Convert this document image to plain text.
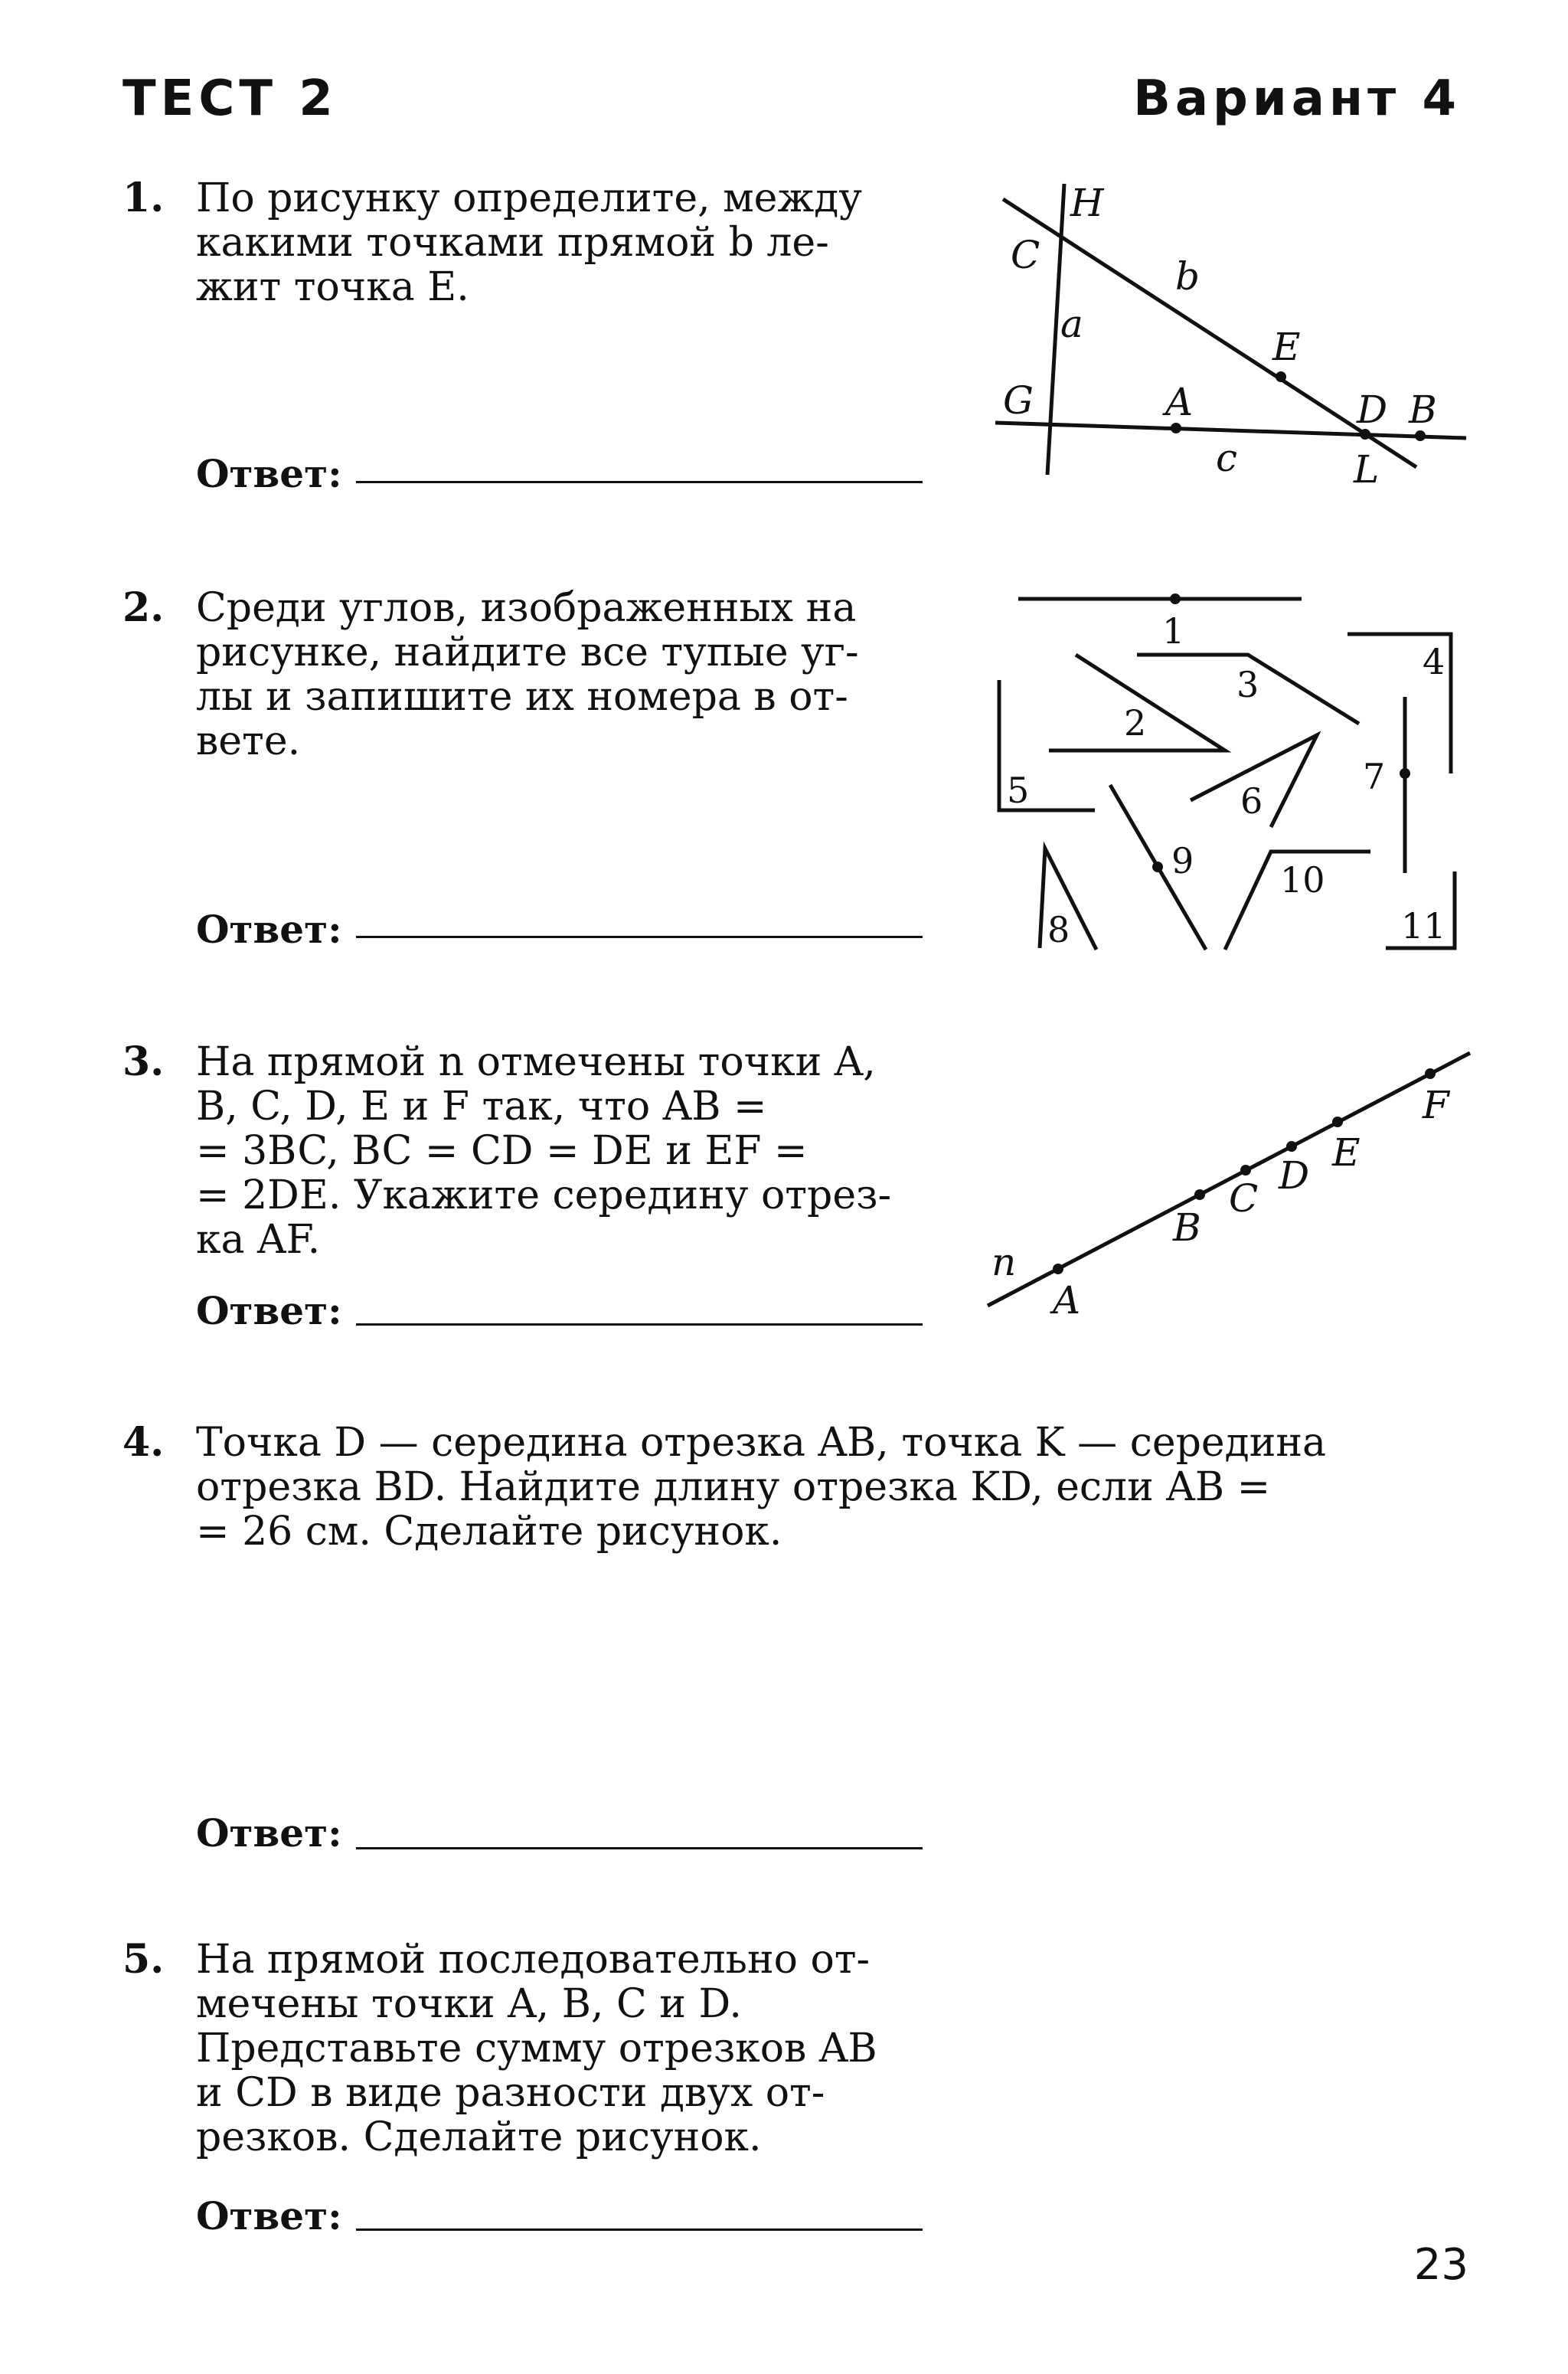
ТЕСТ 2	Вариант 4
1. По рисунку определите, между
какими точками прямой b ле-
жит точка E.
Ответ:
H
C	b
a
E
G	A	D B
c	L
2. Среди углов, изображенных на
рисунке, найдите все тупые уг-
лы и запишите их номера в от-
вете.
Ответ:
1
2
3
4
5	6
7
8
9 10
11
3. На прямой n отмечены точки A,
B, C, D, E и F так, что AB =
= 3BC, BC = CD = DE и EF =
= 2DE. Укажите середину отрез-
ка AF.
Ответ:
n
A
B
C
D
E
F
4. Точка D — середина отрезка AB, точка K — середина
отрезка BD. Найдите длину отрезка KD, если AB =
= 26 см. Сделайте рисунок.
Ответ:
5. На прямой последовательно от-
мечены точки A, B, C и D.
Представьте сумму отрезков AB
и CD в виде разности двух от-
резков. Сделайте рисунок.
Ответ:
23
